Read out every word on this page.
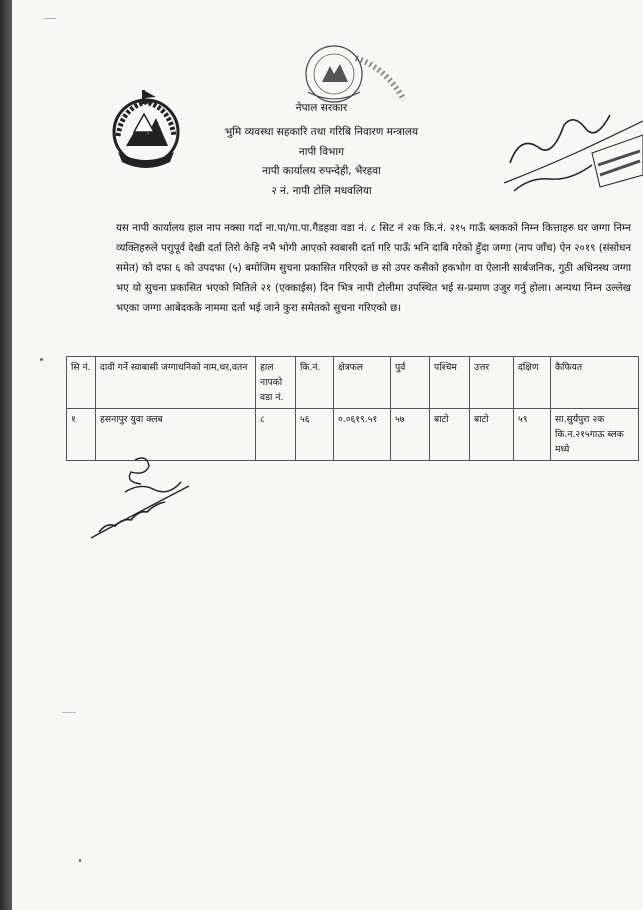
नेपाल सरकार
भुमि व्यवस्था सहकारि तथा गरिबि निवारण मन्त्रालय
नापी विभाग
नापी कार्यालय रुपन्देही, भैरहवा
२ नं. नापी टोलि मधवलिया
यस नापी कार्यालय हाल नाप नक्सा गर्दा ना.पा/गा.पा.गैडहवा वडा नं. ८ सिट नं २क कि.नं. २१५ गाऊँ ब्लकको निम्न कित्ताहरु घर जग्गा निम्न व्यक्तिहरुले पराुपूर्व देखी दर्ता तिरो केहि नभै भोगी आएको स्वबासी दर्ता गरि पाऊँ भनि दाबि गरेको हुँदा जग्गा (नाप जाँच) ऐन २०१९ (संसोधन समेत) को दफा ६ को उपदफा (५) बमोजिम सुचना प्रकासित गरिएको छ सो उपर कसैको हकभोग वा ऐलानी सार्बजनिक, गुठी अधिनस्थ जग्गा भए यो सुचना प्रकासित भएको मितिले २१ (एक्काईस) दिन भित्र नापी टोलीमा उपस्थित भई स-प्रमाण उजुर गर्नु होला। अन्यथा निम्न उल्लेख भएका जग्गा आबेदकके नाममा दर्ता भई जाने कुरा समेतको सुचना गरिएको छ।
सि नं.	दावी गर्ने स्वाबासी जग्गाधनिको नाम,थर,वतन	हाल नापको वडा नं.	कि.नं.	क्षेत्रफल	पुर्व	पश्चिम	उत्तर	दक्षिण	कैफियत
१	हसनापुर युवा क्लब	८	५६	०.०६१९.५१	५७	बाटो	बाटो	५९	सा.सुर्यपुरा २क कि.न.२१५गाऊ ब्लक मध्ये
